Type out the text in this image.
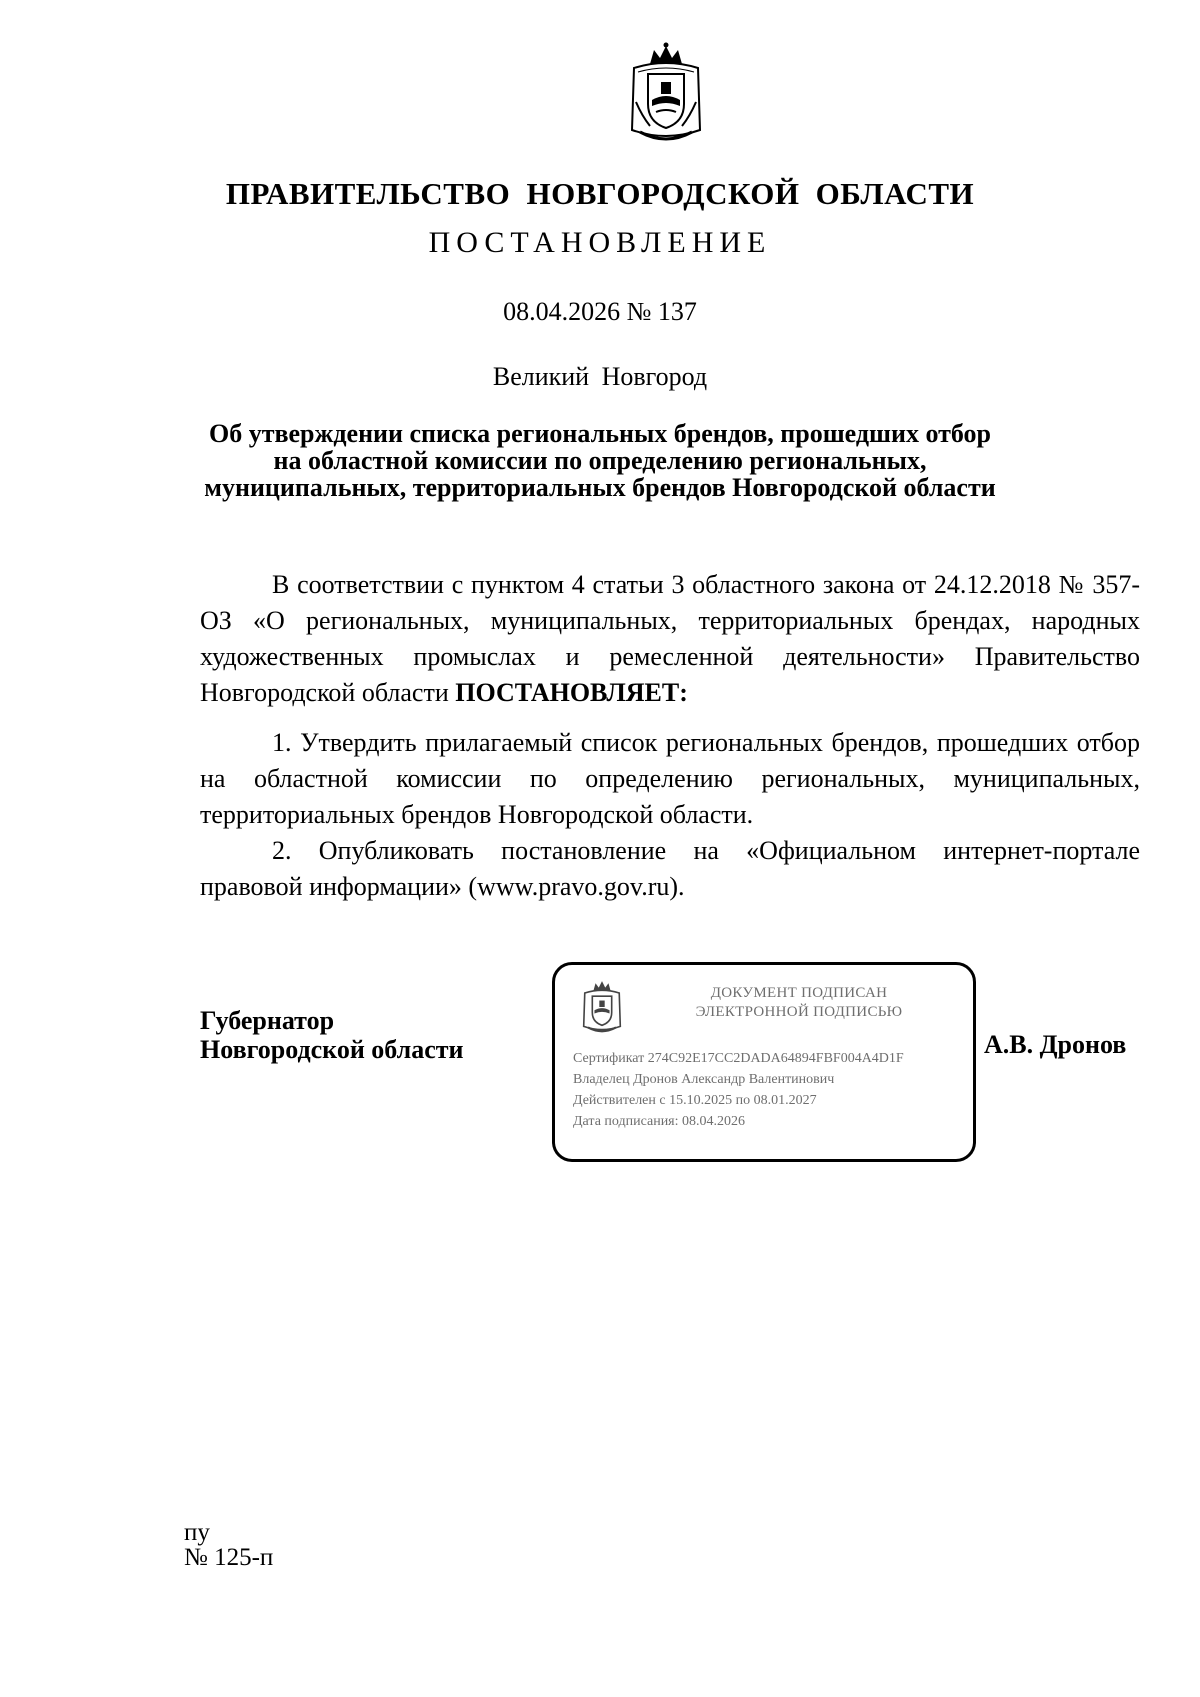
ПРАВИТЕЛЬСТВО НОВГОРОДСКОЙ ОБЛАСТИ
ПОСТАНОВЛЕНИЕ
08.04.2026 № 137
Великий Новгород
Об утверждении списка региональных брендов, прошедших отбор
на областной комиссии по определению региональных,
муниципальных, территориальных брендов Новгородской области
В соответствии с пунктом 4 статьи 3 областного закона от 24.12.2018 № 357-ОЗ «О региональных, муниципальных, территориальных брендах, народных художественных промыслах и ремесленной деятельности» Правительство Новгородской области ПОСТАНОВЛЯЕТ:
1. Утвердить прилагаемый список региональных брендов, прошедших отбор на областной комиссии по определению региональных, муниципальных, территориальных брендов Новгородской области.
2. Опубликовать постановление на «Официальном интернет-портале правовой информации» (www.pravo.gov.ru).
Губернатор
Новгородской области
ДОКУМЕНТ ПОДПИСАН
ЭЛЕКТРОННОЙ ПОДПИСЬЮ
Сертификат 274C92E17CC2DADA64894FBF004A4D1F
Владелец Дронов Александр Валентинович
Действителен с 15.10.2025 по 08.01.2027
Дата подписания: 08.04.2026
А.В. Дронов
пу
№ 125-п
